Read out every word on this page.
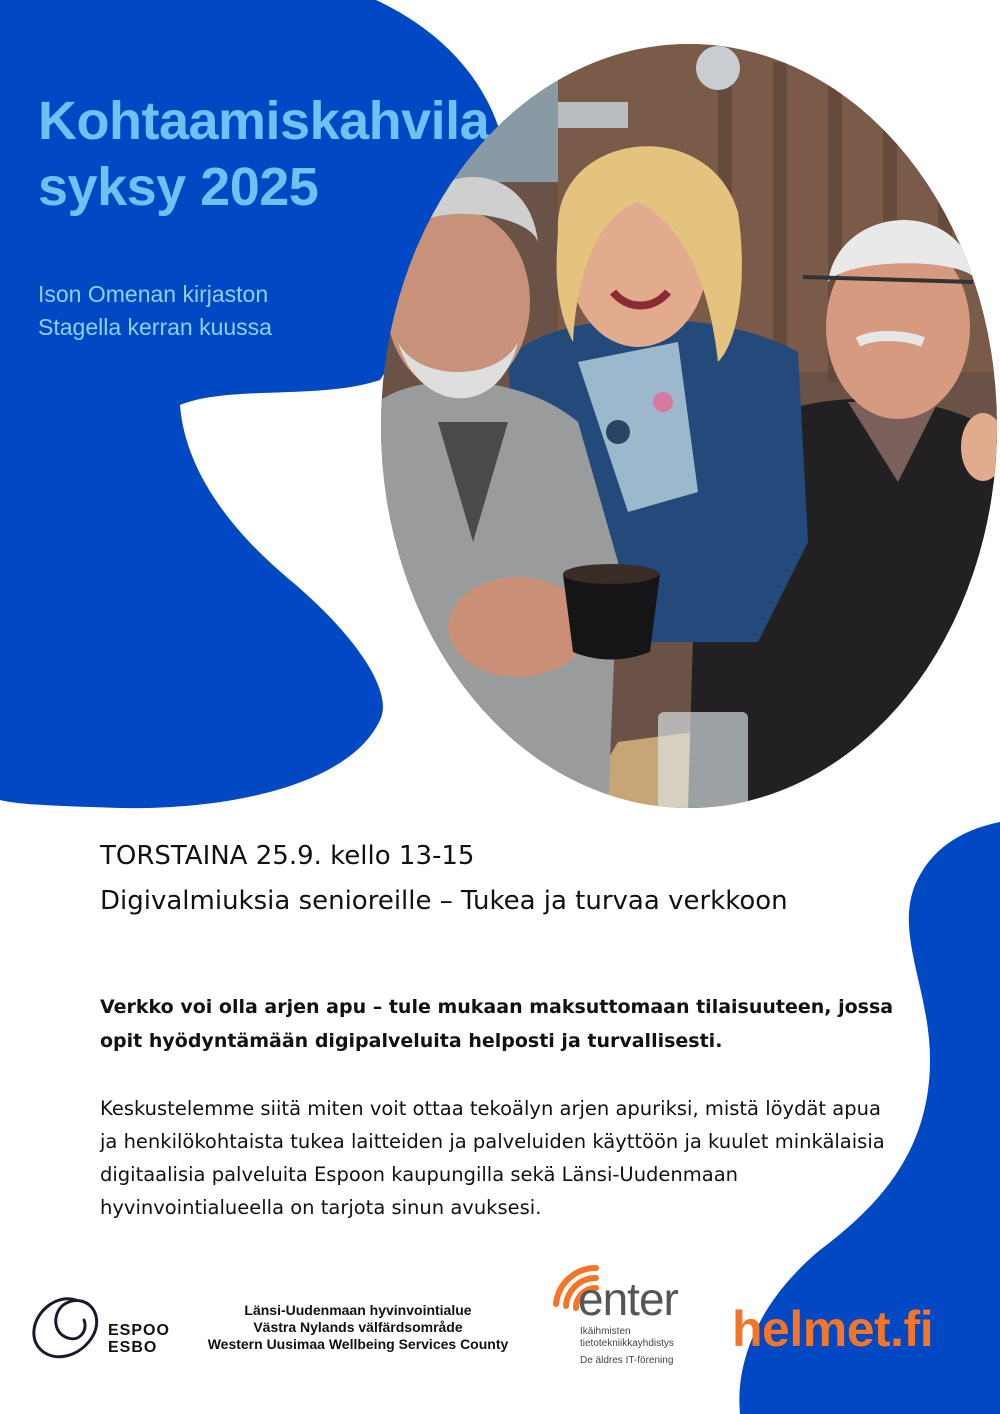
Kohtaamiskahvila
syksy 2025

Ison Omenan kirjaston
Stagella kerran kuussa

TORSTAINA 25.9. kello 13-15
Digivalmiuksia senioreille – Tukea ja turvaa verkkoon
Verkko voi olla arjen apu – tule mukaan maksuttomaan tilaisuuteen, jossa opit hyödyntämään digipalveluita helposti ja turvallisesti.
Keskustelemme siitä miten voit ottaa tekoälyn arjen apuriksi, mistä löydät apua ja henkilökohtaista tukea laitteiden ja palveluiden käyttöön ja kuulet minkälaisia digitaalisia palveluita Espoon kaupungilla sekä Länsi-Uudenmaan hyvinvointialueella on tarjota sinun avuksesi.
ESPOO
ESBO
Länsi-Uudenmaan hyvinvointialue
Västra Nylands välfärdsområde
Western Uusimaa Wellbeing Services County
enter
Ikäihmisten
tietotekniikkayhdistys
De äldres IT-förening
helmet.fi
